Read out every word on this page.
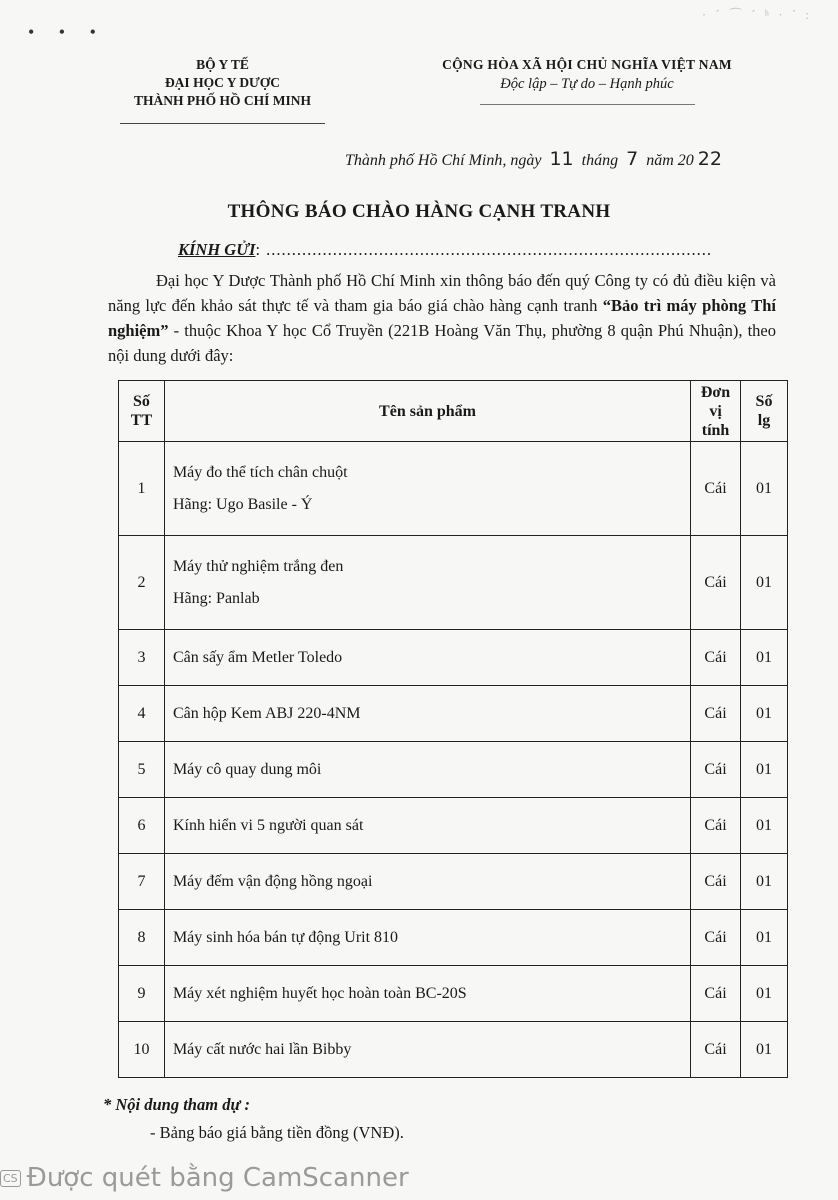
• • •
· ˊ ⌒ ´ ʰ · ˊ :
BỘ Y TẾ
ĐẠI HỌC Y DƯỢC
THÀNH PHỐ HỒ CHÍ MINH
CỘNG HÒA XÃ HỘI CHỦ NGHĨA VIỆT NAM
Độc lập – Tự do – Hạnh phúc
Thành phố Hồ Chí Minh, ngày 11 tháng 7 năm 20 22
THÔNG BÁO CHÀO HÀNG CẠNH TRANH
KÍNH GỬI: .......................................................................................
Đại học Y Dược Thành phố Hồ Chí Minh xin thông báo đến quý Công ty có đủ điều kiện và năng lực đến khảo sát thực tế và tham gia báo giá chào hàng cạnh tranh “Bảo trì máy phòng Thí nghiệm” - thuộc Khoa Y học Cổ Truyền (221B Hoàng Văn Thụ, phường 8 quận Phú Nhuận), theo nội dung dưới đây:
Số
TT	Tên sản phẩm	Đơn
vị
tính	Số
lg
1	Máy đo thể tích chân chuột
Hãng: Ugo Basile - Ý	Cái	01
2	Máy thử nghiệm trắng đen
Hãng: Panlab	Cái	01
3	Cân sấy ẩm Metler Toledo	Cái	01
4	Cân hộp Kem ABJ 220-4NM	Cái	01
5	Máy cô quay dung môi	Cái	01
6	Kính hiển vi 5 người quan sát	Cái	01
7	Máy đếm vận động hồng ngoại	Cái	01
8	Máy sinh hóa bán tự động Urit 810	Cái	01
9	Máy xét nghiệm huyết học hoàn toàn BC-20S	Cái	01
10	Máy cất nước hai lần Bibby	Cái	01
* Nội dung tham dự :
- Bảng báo giá bằng tiền đồng (VNĐ).
CS Được quét bằng CamScanner
